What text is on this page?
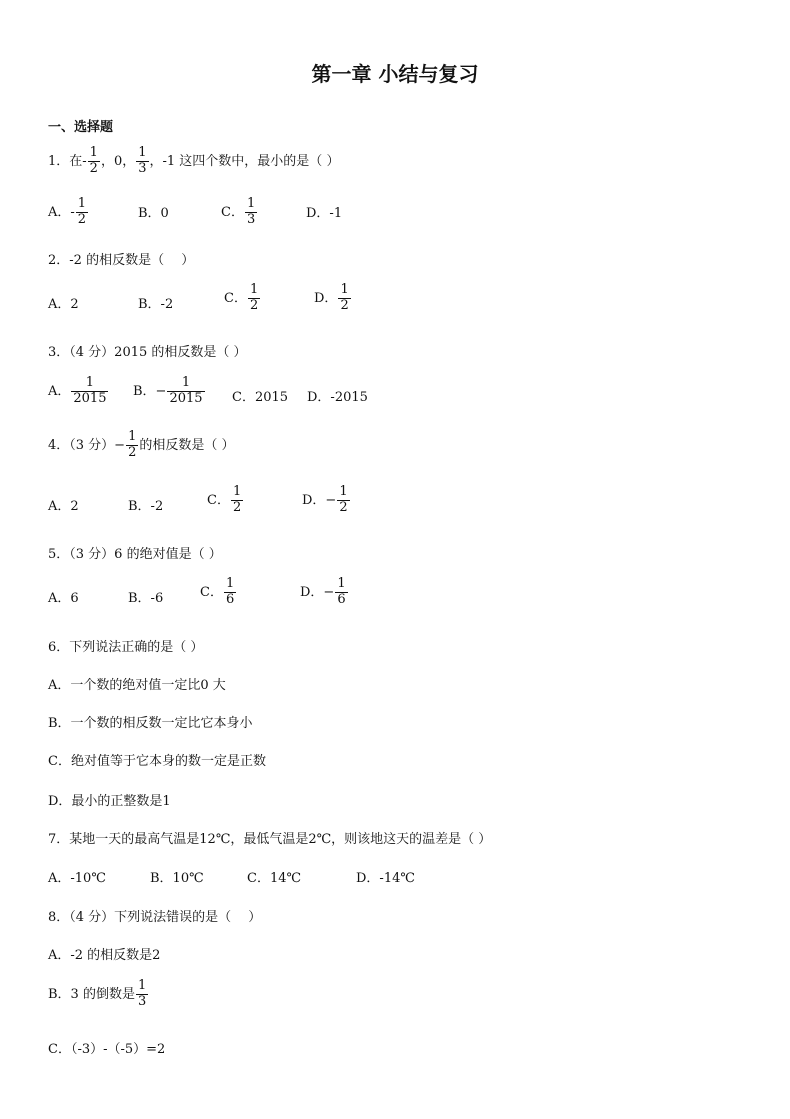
第一章 小结与复习
一、选择题
1．在- $\frac{1}{2}$ ，0， $\frac{1}{3}$ ，-1 这四个数中，最小的是（ ）
A．- $\frac{1}{2}$	B．0	C． $\frac{1}{3}$	D．-1
2．-2 的相反数是（　 ）
A．2	B．-2	C． $\frac{1}{2}$	D． $\frac{1}{2}$
3．（4 分）2015 的相反数是（ ）
A． $\frac{1}{2015}$ B．− $\frac{1}{2015}$ C．2015 D．-2015
4．（3 分）− $\frac{1}{2}$ 的相反数是（ ）
A．2	B．-2	C． $\frac{1}{2}$	D．− $\frac{1}{2}$
5．（3 分）6 的绝对值是（ ）
A．6	B．-6	C． $\frac{1}{6}$	D．− $\frac{1}{6}$
6．下列说法正确的是（ ）
A．一个数的绝对值一定比0 大
B．一个数的相反数一定比它本身小
C．绝对值等于它本身的数一定是正数
D．最小的正整数是1
7．某地一天的最高气温是12℃，最低气温是2℃，则该地这天的温差是（ ）
A．-10℃	B．10℃	C．14℃	D．-14℃
8．（4 分）下列说法错误的是（　 ）
A．-2 的相反数是2
B．3 的倒数是 $\frac{1}{3}$
C．（-3）-（-5）=2
